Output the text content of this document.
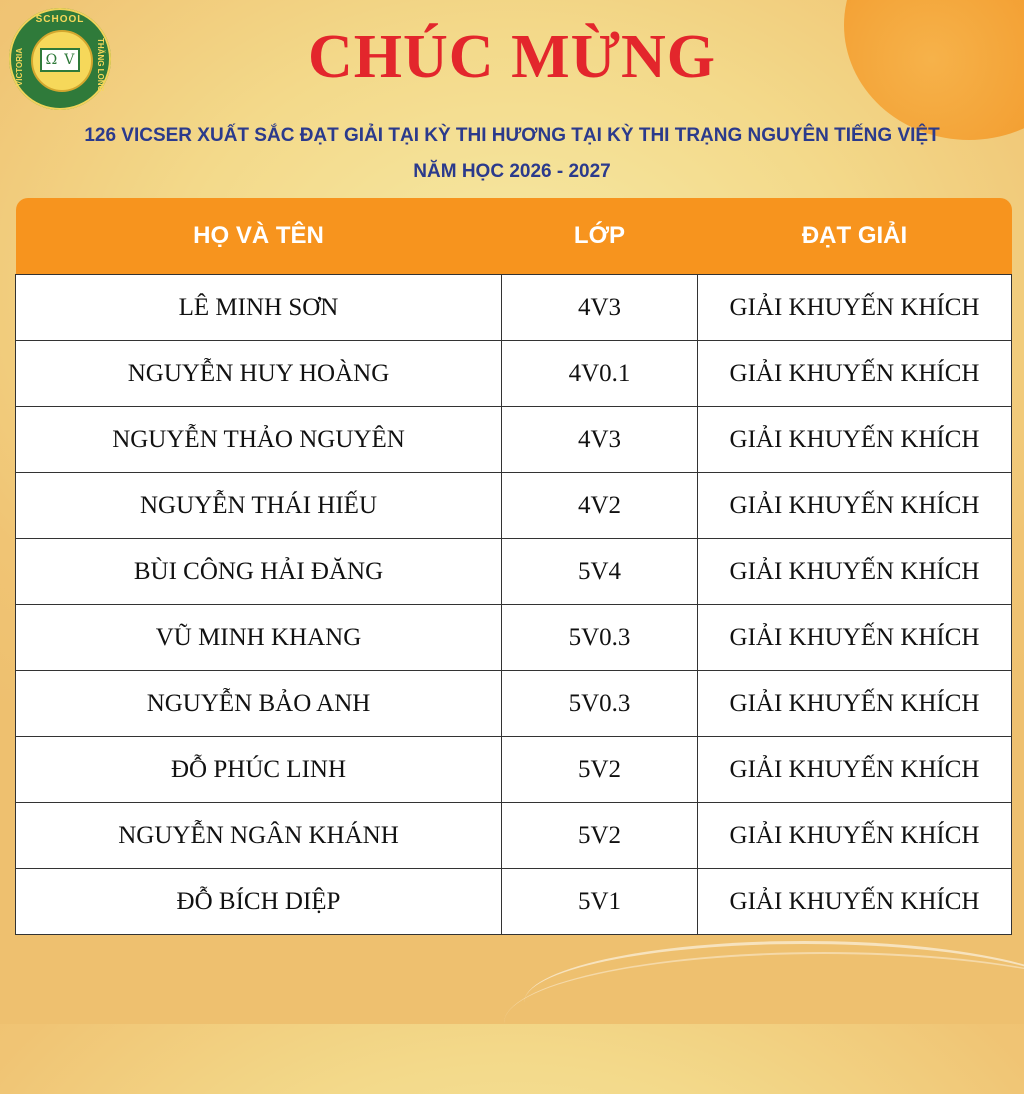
SCHOOL
VICTORIA	THĂNG LONG
Ω V	CHÚC MỪNG

126 VICSER XUẤT SẮC ĐẠT GIẢI TẠI KỲ THI HƯƠNG TẠI KỲ THI TRẠNG NGUYÊN TIẾNG VIỆT

NĂM HỌC 2026 - 2027

HỌ VÀ TÊN	LỚP	ĐẠT GIẢI
LÊ MINH SƠN	4V3	GIẢI KHUYẾN KHÍCH
NGUYỄN HUY HOÀNG	4V0.1	GIẢI KHUYẾN KHÍCH
NGUYỄN THẢO NGUYÊN	4V3	GIẢI KHUYẾN KHÍCH
NGUYỄN THÁI HIẾU	4V2	GIẢI KHUYẾN KHÍCH
BÙI CÔNG HẢI ĐĂNG	5V4	GIẢI KHUYẾN KHÍCH
VŨ MINH KHANG	5V0.3	GIẢI KHUYẾN KHÍCH
NGUYỄN BẢO ANH	5V0.3	GIẢI KHUYẾN KHÍCH
ĐỖ PHÚC LINH	5V2	GIẢI KHUYẾN KHÍCH
NGUYỄN NGÂN KHÁNH	5V2	GIẢI KHUYẾN KHÍCH
ĐỖ BÍCH DIỆP	5V1	GIẢI KHUYẾN KHÍCH
